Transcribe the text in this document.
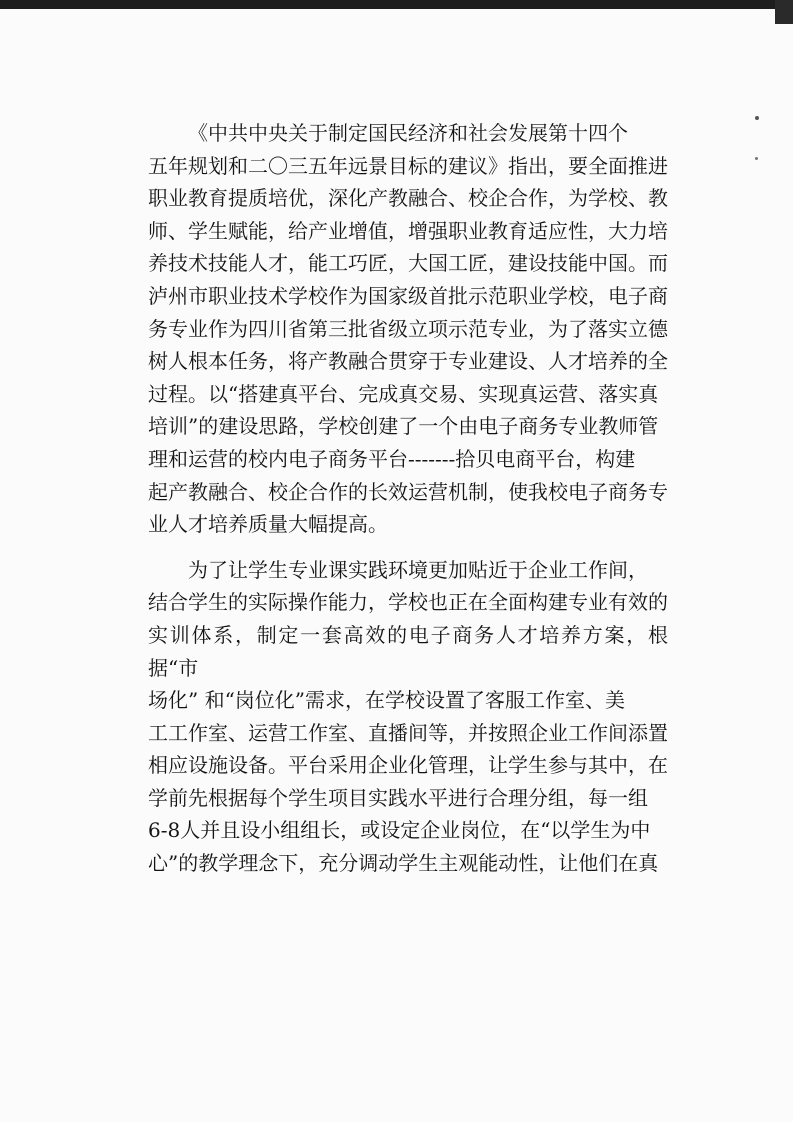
《中共中央关于制定国民经济和社会发展第十四个
五年规划和二〇三五年远景目标的建议》指出，要全面推进
职业教育提质培优，深化产教融合、校企合作，为学校、教
师、学生赋能，给产业增值，增强职业教育适应性，大力培
养技术技能人才，能工巧匠，大国工匠，建设技能中国。而
泸州市职业技术学校作为国家级首批示范职业学校，电子商
务专业作为四川省第三批省级立项示范专业，为了落实立德
树人根本任务，将产教融合贯穿于专业建设、人才培养的全
过程。以“搭建真平台、完成真交易、实现真运营、落实真
培训”的建设思路，学校创建了一个由电子商务专业教师管
理和运营的校内电子商务平台-------拾贝电商平台，构建
起产教融合、校企合作的长效运营机制，使我校电子商务专
业人才培养质量大幅提高。

为了让学生专业课实践环境更加贴近于企业工作间，
结合学生的实际操作能力，学校也正在全面构建专业有效的
实训体系，制定一套高效的电子商务人才培养方案，根据“市
场化” 和“岗位化”需求，在学校设置了客服工作室、美
工工作室、运营工作室、直播间等，并按照企业工作间添置
相应设施设备。平台采用企业化管理，让学生参与其中，在
学前先根据每个学生项目实践水平进行合理分组，每一组
6-8人并且设小组组长，或设定企业岗位，在“以学生为中
心”的教学理念下，充分调动学生主观能动性，让他们在真
